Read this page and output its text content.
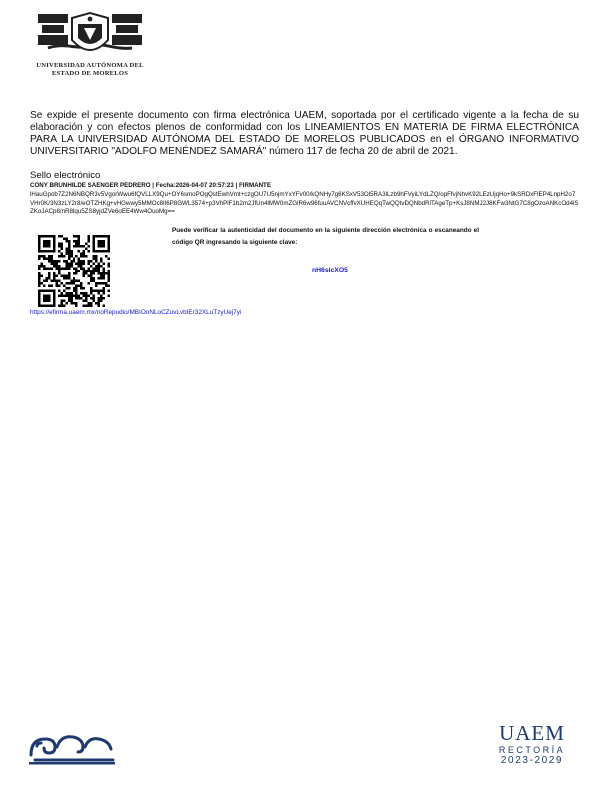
UNIVERSIDAD AUTÓNOMA DEL
ESTADO DE MORELOS
Se expide el presente documento con firma electrónica UAEM, soportada por el certificado vigente a la fecha de su elaboración y con efectos plenos de conformidad con los LINEAMIENTOS EN MATERIA DE FIRMA ELECTRÓNICA PARA LA UNIVERSIDAD AUTÓNOMA DEL ESTADO DE MORELOS PUBLICADOS en el ÓRGANO INFORMATIVO UNIVERSITARIO "ADOLFO MENÉNDEZ SAMARÁ" número 117 de fecha 20 de abril de 2021.
Sello electrónico
CONY BRUNHILDE SAENGER PEDRERO | Fecha:2026-04-07 20:57:23 | FIRMANTE
lHauGpob7Z2N6NBQR3v5VgorWwu6fQVLLX9Qu+OY6smoPOgQstEwhVmt+czgOU7U5njmYxYFv00/kQNHy7g6KSxV53Ol5RA3lLzb9hFVyiLYdLZQ/opFfvjNhvK92LEzUjqHo+9kSRDxFlEP4LnpH2o7VHr0K/3N3zLY2r8/eOTZHKg+vHGwwy5MMOc8lI6P8GWL3574+p3VhPlF1b2m2JfUn4lMW0mZGlR6w96fuuAVCNVcffvXUHEQqTwQQtvDQNbdRiTAgeTp+KsJ8NMJ2J8KFw3NtG7C8gOzoANKcOd4iSZKoJACp8/nR8lqu5ZS8yjdZVe6oEE4Ww4OuoMg==
https://efirma.uaem.mx/noRepudio/MBIOoNLoCZuvLvbIEr32XLuTzyUej7yi
Puede verificar la autenticidad del documento en la siguiente dirección electrónica o escaneando el código QR ingresando la siguiente clave:
nH6slcXO5
UAEM
RECTORÍA
2023-2029
